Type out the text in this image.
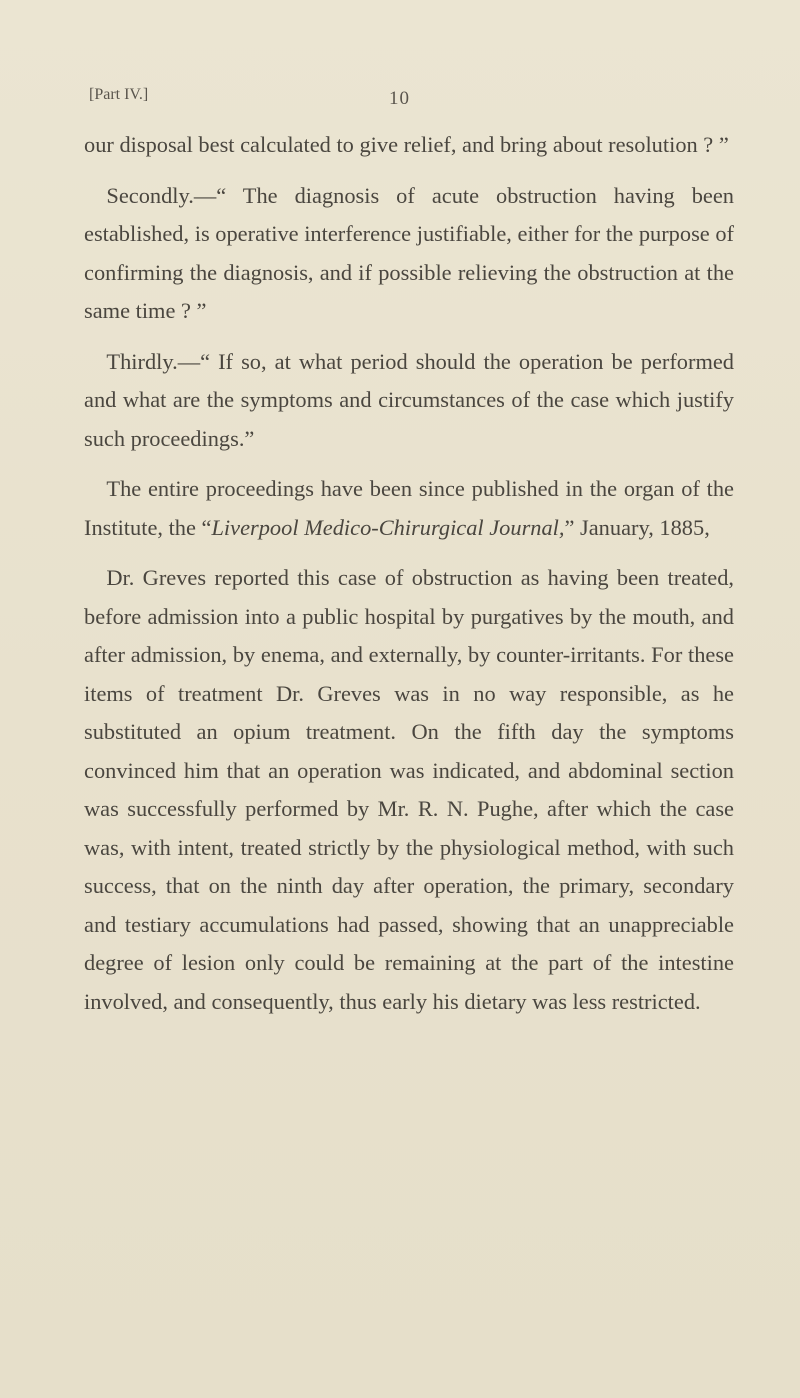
[Part IV.]	10

our disposal best calculated to give relief, and bring about resolution ? ”

Secondly.—“ The diagnosis of acute obstruction having been established, is operative interference justifiable, either for the purpose of confirming the diagnosis, and if possible relieving the obstruction at the same time ? ”

Thirdly.—“ If so, at what period should the operation be performed and what are the symptoms and circumstances of the case which justify such proceedings.”

The entire proceedings have been since published in the organ of the Institute, the “Liverpool Medico-Chirurgical Journal,” January, 1885,

Dr. Greves reported this case of obstruction as having been treated, before admission into a public hospital by purgatives by the mouth, and after admission, by enema, and externally, by counter-irritants. For these items of treatment Dr. Greves was in no way responsible, as he substituted an opium treatment. On the fifth day the symptoms convinced him that an operation was indicated, and abdominal section was successfully performed by Mr. R. N. Pughe, after which the case was, with intent, treated strictly by the physiological method, with such success, that on the ninth day after operation, the primary, secondary and testiary accumulations had passed, showing that an unappreciable degree of lesion only could be remaining at the part of the intestine involved, and consequently, thus early his dietary was less restricted.
